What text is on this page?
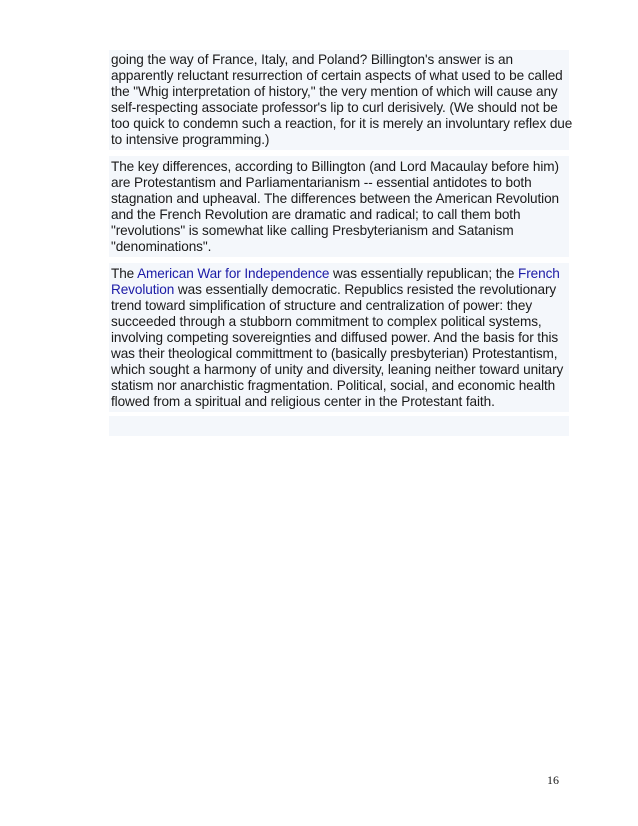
going the way of France, Italy, and Poland? Billington's answer is an
apparently reluctant resurrection of certain aspects of what used to be called
the "Whig interpretation of history," the very mention of which will cause any
self-respecting associate professor's lip to curl derisively. (We should not be
too quick to condemn such a reaction, for it is merely an involuntary reflex due
to intensive programming.)

The key differences, according to Billington (and Lord Macaulay before him)
are Protestantism and Parliamentarianism -- essential antidotes to both
stagnation and upheaval. The differences between the American Revolution
and the French Revolution are dramatic and radical; to call them both
"revolutions" is somewhat like calling Presbyterianism and Satanism
"denominations".

The American War for Independence was essentially republican; the French
Revolution was essentially democratic. Republics resisted the revolutionary
trend toward simplification of structure and centralization of power: they
succeeded through a stubborn commitment to complex political systems,
involving competing sovereignties and diffused power. And the basis for this
was their theological committment to (basically presbyterian) Protestantism,
which sought a harmony of unity and diversity, leaning neither toward unitary
statism nor anarchistic fragmentation. Political, social, and economic health
flowed from a spiritual and religious center in the Protestant faith.

16
